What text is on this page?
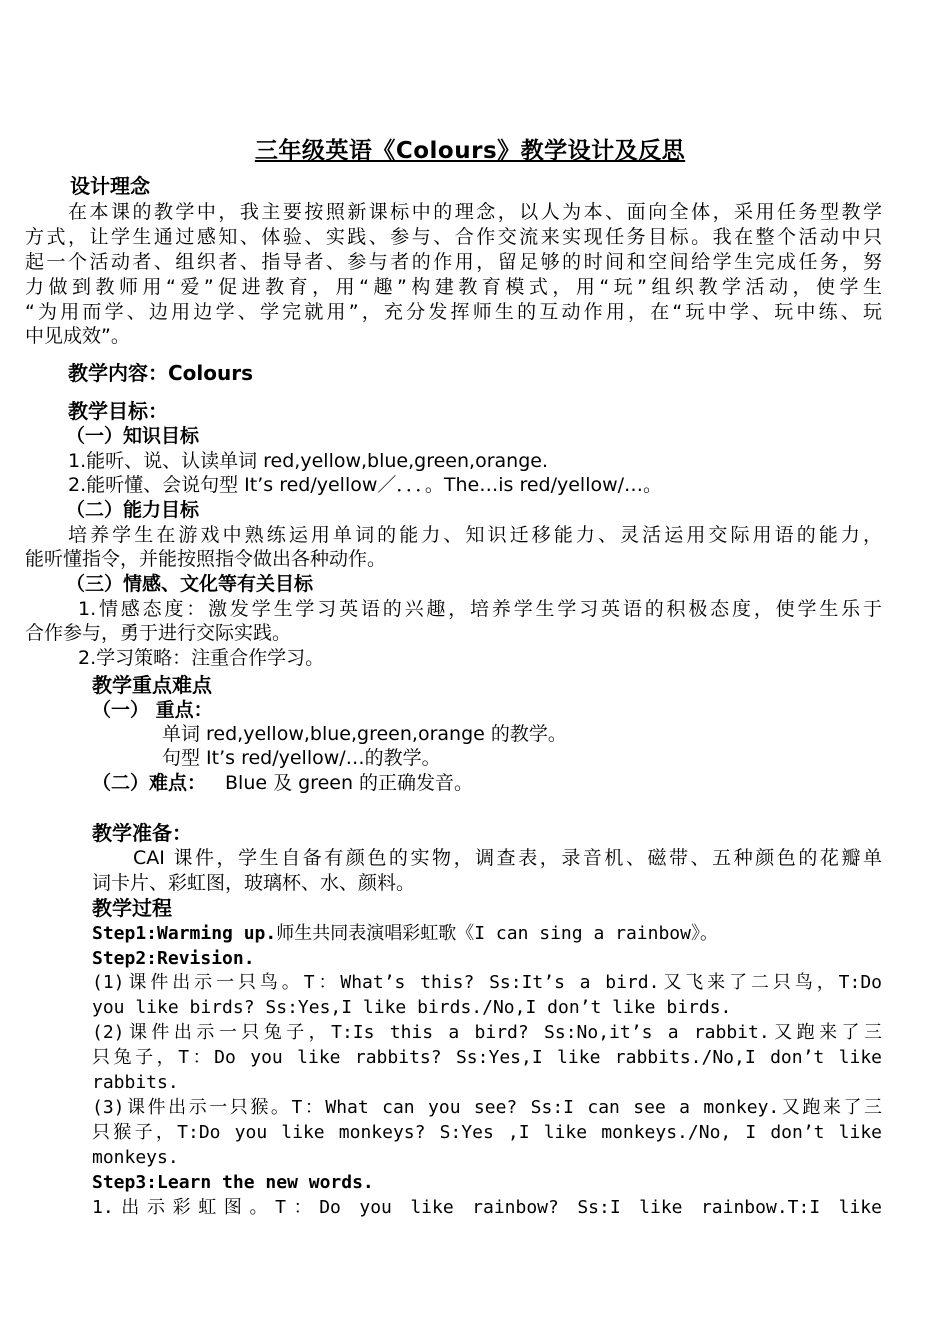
三年级英语《Colours》教学设计及反思
设计理念
在本课的教学中，我主要按照新课标中的理念，以人为本、面向全体，采用任务型教学
方式，让学生通过感知、体验、实践、参与、合作交流来实现任务目标。我在整个活动中只
起一个活动者、组织者、指导者、参与者的作用，留足够的时间和空间给学生完成任务，努
力做到教师用“爱”促进教育，用“趣”构建教育模式，用“玩”组织教学活动，使学生
“为用而学、边用边学、学完就用”，充分发挥师生的互动作用，在“玩中学、玩中练、玩
中见成效”。
教学内容：Colours
教学目标：
（一）知识目标
1.能听、说、认读单词 red,yellow,blue,green,orange.
2.能听懂、会说句型 It’s red/yellow／．．．。The…is red/yellow/…。
（二）能力目标
培养学生在游戏中熟练运用单词的能力、知识迁移能力、灵活运用交际用语的能力，
能听懂指令，并能按照指令做出各种动作。
（三）情感、文化等有关目标
1.情感态度：激发学生学习英语的兴趣，培养学生学习英语的积极态度，使学生乐于
合作参与，勇于进行交际实践。
2.学习策略：注重合作学习。
教学重点难点
（一） 重点：
单词 red,yellow,blue,green,orange 的教学。
句型 It’s red/yellow/…的教学。
（二）难点： Blue 及 green 的正确发音。
教学准备：
CAI 课件，学生自备有颜色的实物，调查表，录音机、磁带、五种颜色的花瓣单
词卡片、彩虹图，玻璃杯、水、颜料。
教学过程
Step1:Warming up.师生共同表演唱彩虹歌《I can sing a rainbow》。
Step2:Revision.
(1)课件出示一只鸟。T：What’s this? Ss:It’s a bird.又飞来了二只鸟，T:Do
you like birds? Ss:Yes,I like birds./No,I don’t like birds.
(2)课件出示一只兔子，T:Is this a bird? Ss:No,it’s a rabbit.又跑来了三
只兔子，T：Do you like rabbits? Ss:Yes,I like rabbits./No,I don’t like
rabbits.
(3)课件出示一只猴。T：What can you see? Ss:I can see a monkey.又跑来了三
只猴子，T:Do you like monkeys? S:Yes ,I like monkeys./No, I don’t like
monkeys.
Step3:Learn the new words.
1.出示彩虹图。T：Do you like rainbow? Ss:I like rainbow.T:I like
